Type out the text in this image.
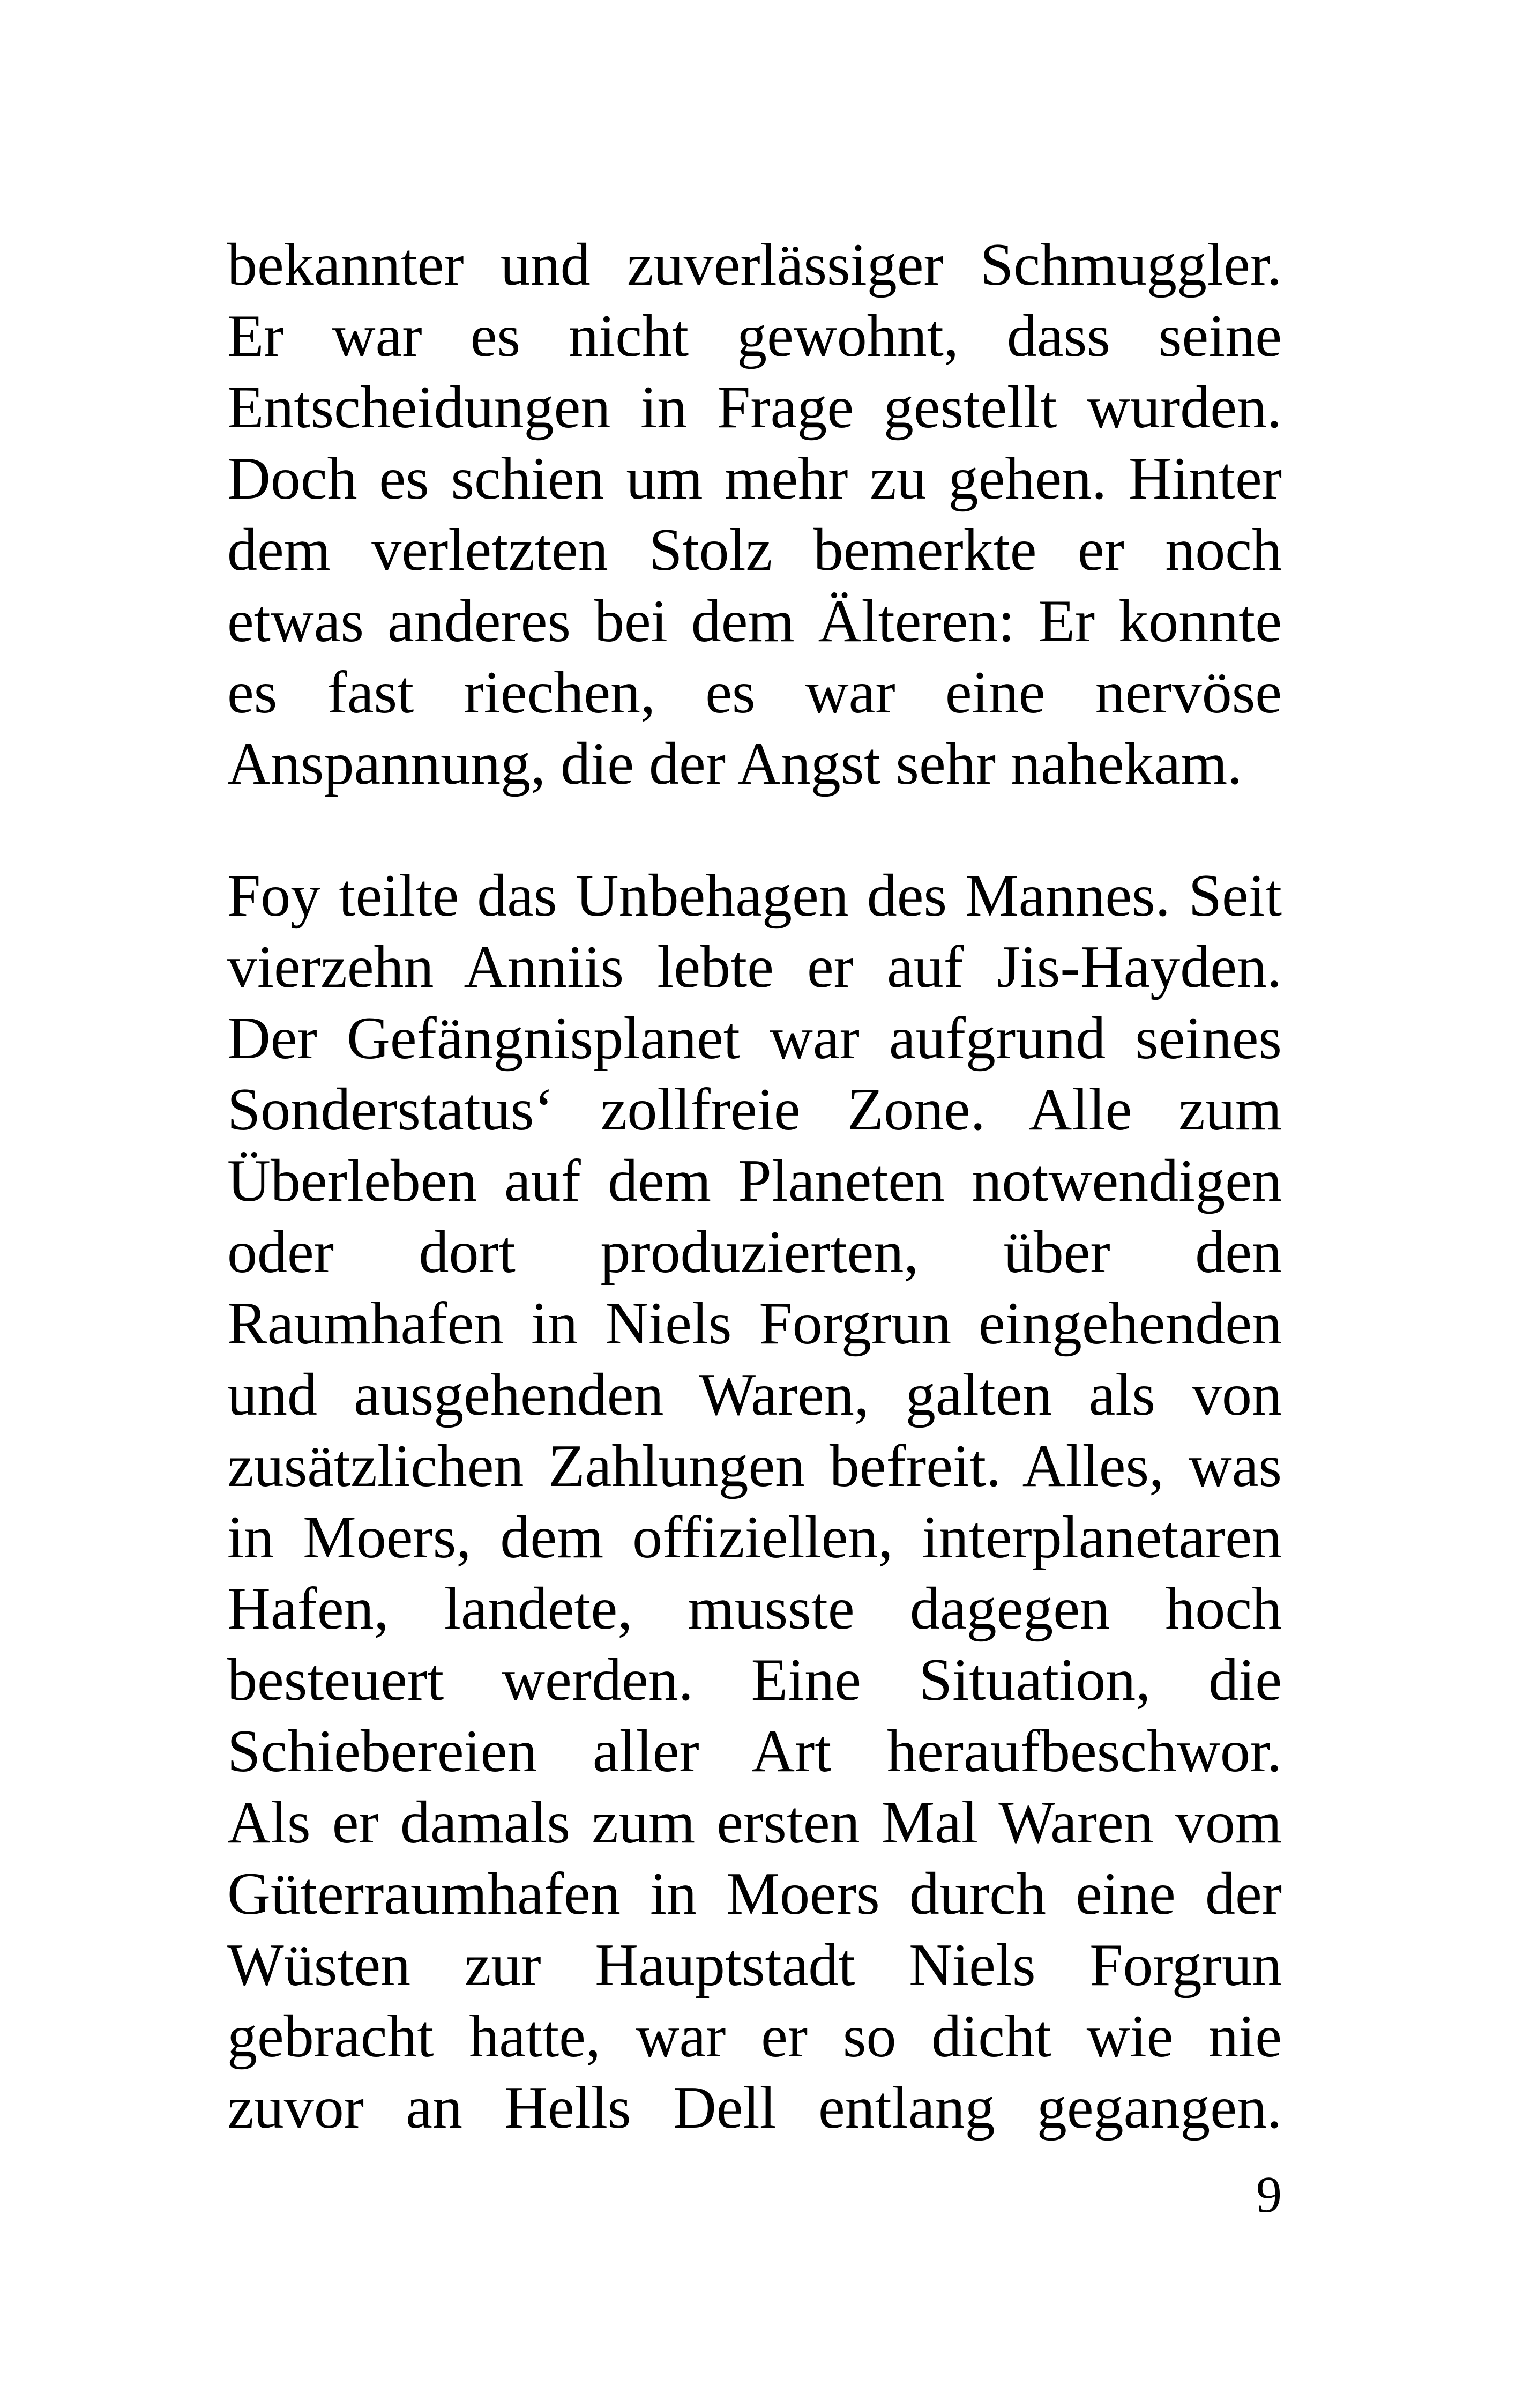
bekannter und zuverlässiger Schmuggler.
Er war es nicht gewohnt, dass seine
Entscheidungen in Frage gestellt wurden.
Doch es schien um mehr zu gehen. Hinter
dem verletzten Stolz bemerkte er noch
etwas anderes bei dem Älteren: Er konnte
es fast riechen, es war eine nervöse
Anspannung, die der Angst sehr nahekam.
Foy teilte das Unbehagen des Mannes. Seit
vierzehn Anniis lebte er auf Jis-Hayden.
Der Gefängnisplanet war aufgrund seines
Sonderstatus‘ zollfreie Zone. Alle zum
Überleben auf dem Planeten notwendigen
oder dort produzierten, über den
Raumhafen in Niels Forgrun eingehenden
und ausgehenden Waren, galten als von
zusätzlichen Zahlungen befreit. Alles, was
in Moers, dem offiziellen, interplanetaren
Hafen, landete, musste dagegen hoch
besteuert werden. Eine Situation, die
Schiebereien aller Art heraufbeschwor.
Als er damals zum ersten Mal Waren vom
Güterraumhafen in Moers durch eine der
Wüsten zur Hauptstadt Niels Forgrun
gebracht hatte, war er so dicht wie nie
zuvor an Hells Dell entlang gegangen.
9
